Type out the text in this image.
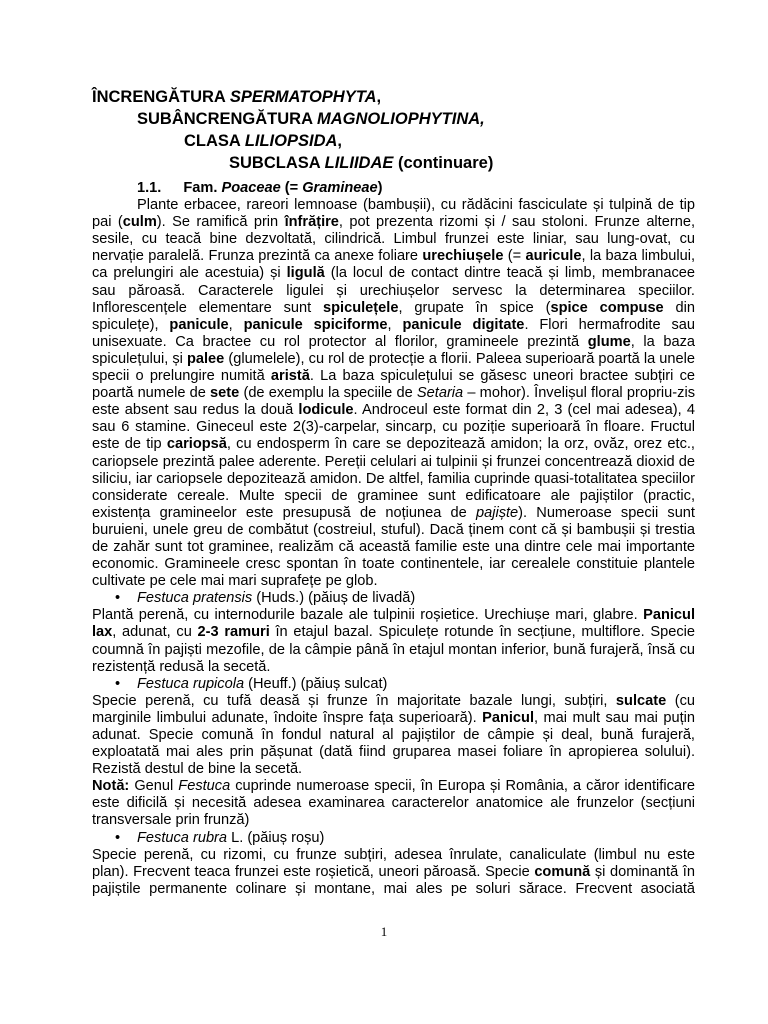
ÎNCRENGĂTURA SPERMATOPHYTA,
SUBÂNCRENGĂTURA MAGNOLIOPHYTINA,
CLASA LILIOPSIDA,
SUBCLASA LILIIDAE (continuare)

1.1. Fam. Poaceae (= Gramineae)

Plante erbacee, rareori lemnoase (bambușii), cu rădăcini fasciculate și tulpină de tip pai (culm). Se ramifică prin înfrățire, pot prezenta rizomi și / sau stoloni. Frunze alterne, sesile, cu teacă bine dezvoltată, cilindrică. Limbul frunzei este liniar, sau lung-ovat, cu nervație paralelă. Frunza prezintă ca anexe foliare urechiușele (= auricule, la baza limbului, ca prelungiri ale acestuia) și ligulă (la locul de contact dintre teacă și limb, membranacee sau păroasă. Caracterele ligulei și urechiușelor servesc la determinarea speciilor. Inflorescențele elementare sunt spiculețele, grupate în spice (spice compuse din spiculețe), panicule, panicule spiciforme, panicule digitate. Flori hermafrodite sau unisexuate. Ca bractee cu rol protector al florilor, gramineele prezintă glume, la baza spiculețului, și palee (glumelele), cu rol de protecție a florii. Paleea superioară poartă la unele specii o prelungire numită aristă. La baza spiculețului se găsesc uneori bractee subțiri ce poartă numele de sete (de exemplu la speciile de Setaria – mohor). Învelișul floral propriu-zis este absent sau redus la două lodicule. Androceul este format din 2, 3 (cel mai adesea), 4 sau 6 stamine. Gineceul este 2(3)-carpelar, sincarp, cu poziție superioară în floare. Fructul este de tip cariopsă, cu endosperm în care se depozitează amidon; la orz, ovăz, orez etc., cariopsele prezintă palee aderente. Pereții celulari ai tulpinii și frunzei concentrează dioxid de siliciu, iar cariopsele depozitează amidon. De altfel, familia cuprinde quasi-totalitatea speciilor considerate cereale. Multe specii de graminee sunt edificatoare ale pajiștilor (practic, existența gramineelor este presupusă de noțiunea de pajiște). Numeroase specii sunt buruieni, unele greu de combătut (costreiul, stuful). Dacă ținem cont că și bambușii și trestia de zahăr sunt tot graminee, realizăm că această familie este una dintre cele mai importante economic. Gramineele cresc spontan în toate continentele, iar cerealele constituie plantele cultivate pe cele mai mari suprafețe pe glob.

• Festuca pratensis (Huds.) (păiuș de livadă)

Plantă perenă, cu internodurile bazale ale tulpinii roșietice. Urechiușe mari, glabre. Panicul lax, adunat, cu 2-3 ramuri în etajul bazal. Spiculețe rotunde în secțiune, multiflore. Specie coumnă în pajiști mezofile, de la câmpie până în etajul montan inferior, bună furajeră, însă cu rezistență redusă la secetă.

• Festuca rupicola (Heuff.) (păiuș sulcat)

Specie perenă, cu tufă deasă și frunze în majoritate bazale lungi, subțiri, sulcate (cu marginile limbului adunate, îndoite înspre fața superioară). Panicul, mai mult sau mai puțin adunat. Specie comună în fondul natural al pajiștilor de câmpie și deal, bună furajeră, exploatată mai ales prin pășunat (dată fiind gruparea masei foliare în apropierea solului). Rezistă destul de bine la secetă.

Notă: Genul Festuca cuprinde numeroase specii, în Europa și România, a căror identificare este dificilă și necesită adesea examinarea caracterelor anatomice ale frunzelor (secțiuni transversale prin frunză)

• Festuca rubra L. (păiuș roșu)

Specie perenă, cu rizomi, cu frunze subțiri, adesea înrulate, canaliculate (limbul nu este plan). Frecvent teaca frunzei este roșietică, uneori păroasă. Specie comună și dominantă în pajiștile permanente colinare și montane, mai ales pe soluri sărace. Frecvent asociată

1
